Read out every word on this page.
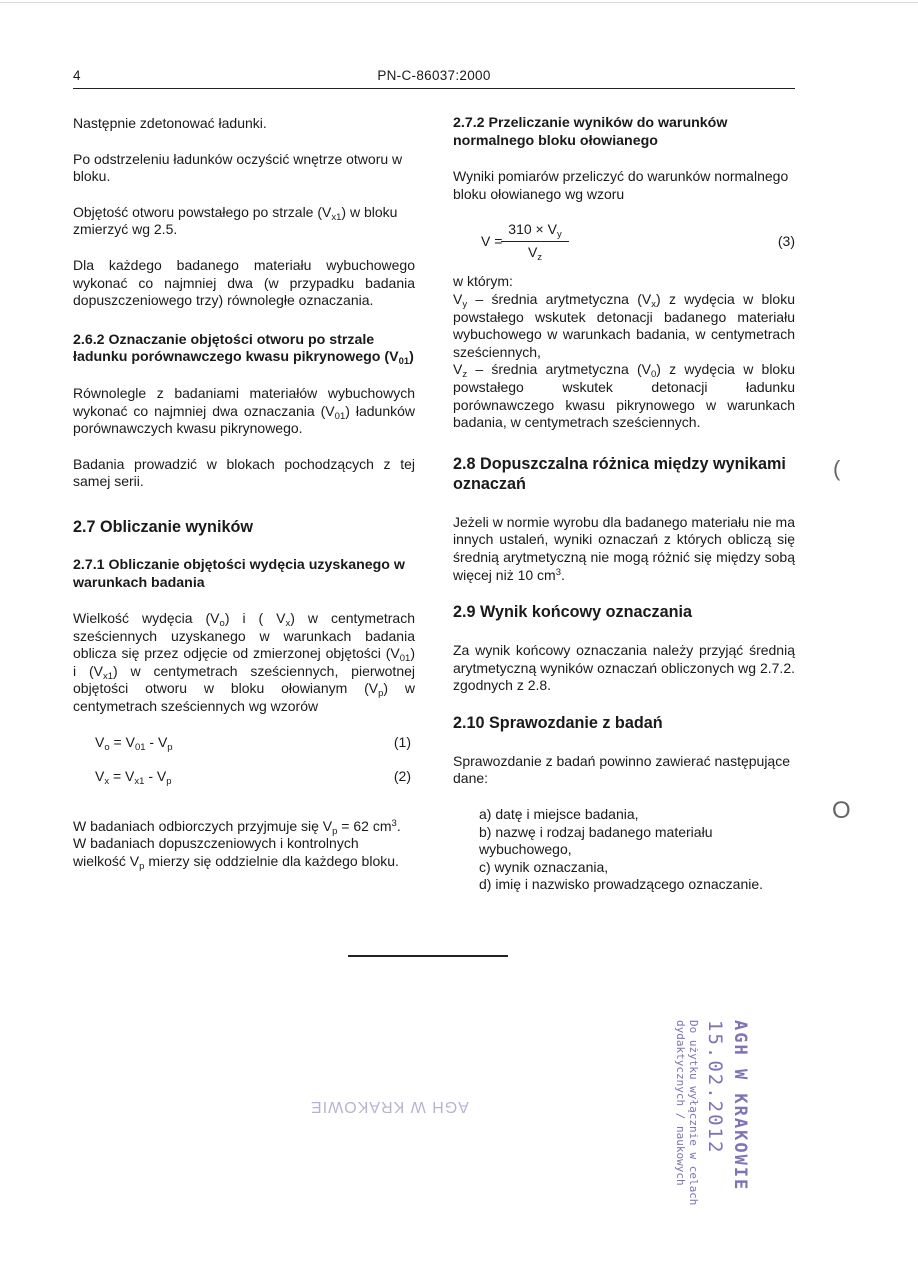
4	PN-C-86037:2000

Następnie zdetonować ładunki.

Po odstrzeleniu ładunków oczyścić wnętrze otworu w bloku.

Objętość otworu powstałego po strzale $(V_{x1})$ w bloku zmierzyć wg 2.5.

Dla każdego badanego materiału wybuchowego wykonać co najmniej dwa (w przypadku badania dopuszczeniowego trzy) równoległe oznaczania.

2.6.2 Oznaczanie objętości otworu po strzale ładunku porównawczego kwasu pikrynowego $(V_{01})$

Równolegle z badaniami materiałów wybuchowych wykonać co najmniej dwa oznaczania $(V_{01})$ ładunków porównawczych kwasu pikrynowego.

Badania prowadzić w blokach pochodzących z tej samej serii.

2.7 Obliczanie wyników
2.7.1 Obliczanie objętości wydęcia uzyskanego w warunkach badania

Wielkość wydęcia $(V_o)$ i ( $V_x$) w centymetrach sześciennych uzyskanego w warunkach badania oblicza się przez odjęcie od zmierzonej objętości $(V_{01})$ i $(V_{x1})$ w centymetrach sześciennych, pierwotnej objętości otworu w bloku ołowianym $(V_p)$ w centymetrach sześciennych wg wzorów

$V_o = V_{01} - V_p$	(1)
$V_x = V_{x1} - V_p$	(2)

W badaniach odbiorczych przyjmuje się $V_p = 62$ $cm^3$. W badaniach dopuszczeniowych i kontrolnych wielkość $V_p$ mierzy się oddzielnie dla każdego bloku.

2.7.2 Przeliczanie wyników do warunków normalnego bloku ołowianego

Wyniki pomiarów przeliczyć do warunków normalnego bloku ołowianego wg wzoru

V =
$\frac{310 \times V_y}{V_z}$	(3)
w którym:
$V_y$ – średnia arytmetyczna $(V_x)$ z wydęcia w bloku powstałego wskutek detonacji badanego materiału wybuchowego w warunkach badania, w centymetrach sześciennych,
$V_z$ – średnia arytmetyczna $(V_0)$ z wydęcia w bloku powstałego wskutek detonacji ładunku porównawczego kwasu pikrynowego w warunkach badania, w centymetrach sześciennych.
2.8 Dopuszczalna różnica między wynikami oznaczań

Jeżeli w normie wyrobu dla badanego materiału nie ma innych ustaleń, wyniki oznaczań z których obliczą się średnią arytmetyczną nie mogą różnić się między sobą więcej niż 10 $cm^3$.

2.9 Wynik końcowy oznaczania

Za wynik końcowy oznaczania należy przyjąć średnią arytmetyczną wyników oznaczań obliczonych wg 2.7.2. zgodnych z 2.8.

2.10 Sprawozdanie z badań

Sprawozdanie z badań powinno zawierać następujące dane:

a) datę i miejsce badania,
b) nazwę i rodzaj badanego materiału wybuchowego,
c) wynik oznaczania,
d) imię i nazwisko prowadzącego oznaczanie.
(
O
AGH W KRAKOWIE	AGH W KRAKOWIE
15.02.2012
Do użytku wyłącznie w celach
dydaktycznych / naukowych
